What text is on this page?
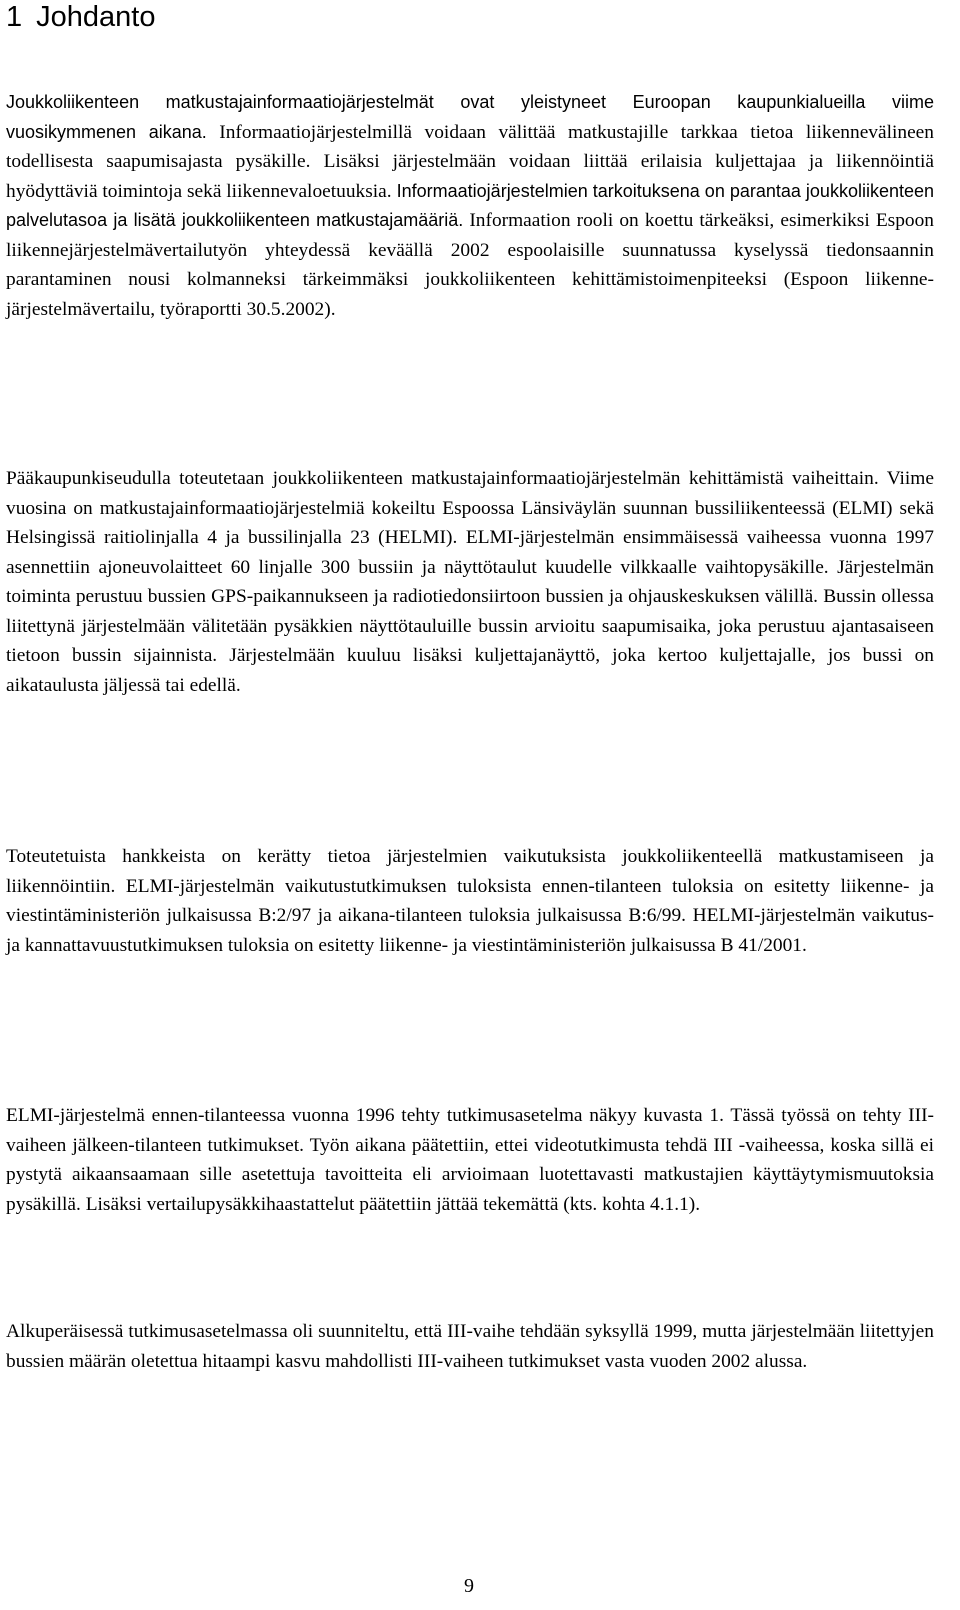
1 Johdanto

Joukkoliikenteen matkustajainformaatiojärjestelmät ovat yleistyneet Euroopan kaupunkialueilla viime vuosikymmenen aikana. Informaatiojärjestelmillä voidaan välittää matkustajille tarkkaa tietoa liikennevälineen todellisesta saapumisajasta pysäkille. Lisäksi järjestelmään voidaan liittää erilaisia kuljettajaa ja liikennöintiä hyödyttäviä toimintoja sekä liikennevaloetuuksia. Informaatiojärjestelmien tarkoituksena on parantaa joukkoliikenteen palvelutasoa ja lisätä joukkoliikenteen matkustajamääriä. Informaation rooli on koettu tärkeäksi, esimerkiksi Espoon liikennejärjestelmävertailutyön yhteydessä keväällä 2002 espoolaisille suunnatussa kyselyssä tiedonsaannin parantaminen nousi kolmanneksi tärkeimmäksi joukkoliikenteen kehittämistoimenpiteeksi (Espoon liikennejärjestelmävertailu, työraportti 30.5.2002).

Pääkaupunkiseudulla toteutetaan joukkoliikenteen matkustajainformaatiojärjestelmän kehittämistä vaiheittain. Viime vuosina on matkustajainformaatiojärjestelmiä kokeiltu Espoossa Länsiväylän suunnan bussiliikenteessä (ELMI) sekä Helsingissä raitiolinjalla 4 ja bussilinjalla 23 (HELMI). ELMI-järjestelmän ensimmäisessä vaiheessa vuonna 1997 asennettiin ajoneuvolaitteet 60 linjalle 300 bussiin ja näyttötaulut kuudelle vilkkaalle vaihtopysäkille. Järjestelmän toiminta perustuu bussien GPS-paikannukseen ja radiotiedonsiirtoon bussien ja ohjauskeskuksen välillä. Bussin ollessa liitettynä järjestelmään välitetään pysäkkien näyttötauluille bussin arvioitu saapumisaika, joka perustuu ajantasaiseen tietoon bussin sijainnista. Järjestelmään kuuluu lisäksi kuljettajanäyttö, joka kertoo kuljettajalle, jos bussi on aikataulusta jäljessä tai edellä.

Toteutetuista hankkeista on kerätty tietoa järjestelmien vaikutuksista joukkoliikenteellä matkustamiseen ja liikennöintiin. ELMI-järjestelmän vaikutustutkimuksen tuloksista ennen-tilanteen tuloksia on esitetty liikenne- ja viestintäministeriön julkaisussa B:2/97 ja aikana-tilanteen tuloksia julkaisussa B:6/99. HELMI-järjestelmän vaikutus- ja kannattavuustutkimuksen tuloksia on esitetty liikenne- ja viestintäministeriön julkaisussa B 41/2001.

ELMI-järjestelmä ennen-tilanteessa vuonna 1996 tehty tutkimusasetelma näkyy kuvasta 1. Tässä työssä on tehty III-vaiheen jälkeen-tilanteen tutkimukset. Työn aikana päätettiin, ettei videotutkimusta tehdä III -vaiheessa, koska sillä ei pystytä aikaansaamaan sille asetettuja tavoitteita eli arvioimaan luotettavasti matkustajien käyttäytymismuutoksia pysäkillä. Lisäksi vertailupysäkkihaastattelut päätettiin jättää tekemättä (kts. kohta 4.1.1).

Alkuperäisessä tutkimusasetelmassa oli suunniteltu, että III-vaihe tehdään syksyllä 1999, mutta järjestelmään liitettyjen bussien määrän oletettua hitaampi kasvu mahdollisti III-vaiheen tutkimukset vasta vuoden 2002 alussa.

9
